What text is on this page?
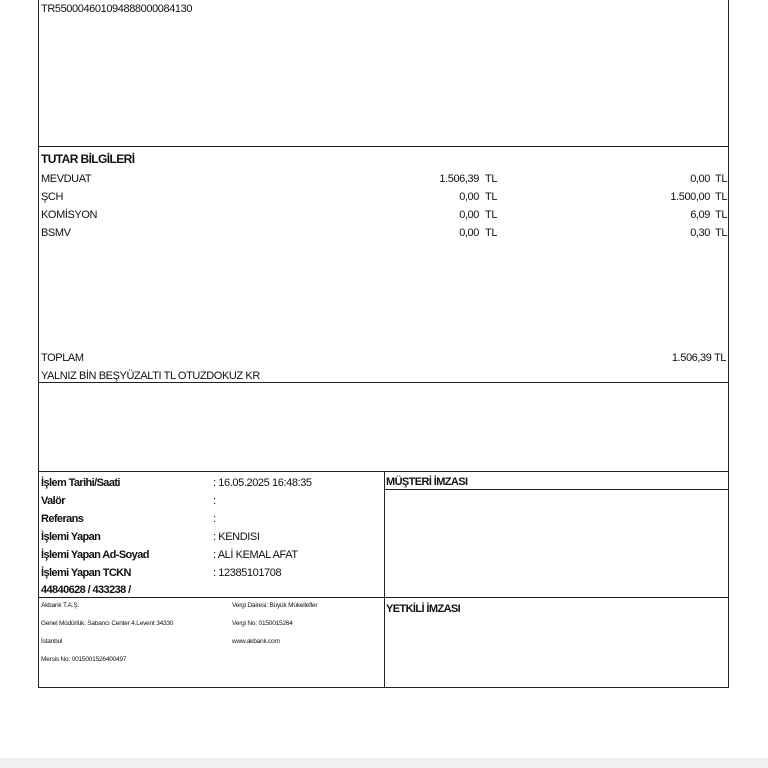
TR550004601094888000084130
TUTAR BİLGİLERİ
MEVDUAT	1.506,39 TL	0,00 TL
ŞCH	0,00 TL	1.500,00 TL
KOMİSYON	0,00 TL	6,09 TL
BSMV	0,00 TL	0,30 TL
TOPLAM	1.506,39 TL
YALNIZ BİN BEŞYÜZALTI TL OTUZDOKUZ KR
İşlem Tarihi/Saati	: 16.05.2025 16:48:35
Valör	:
Referans	:
İşlemi Yapan	: KENDISI
İşlemi Yapan Ad-Soyad	: ALİ KEMAL AFAT
İşlemi Yapan TCKN	: 12385101708
44840628 / 433238 /
MÜŞTERİ İMZASI
YETKİLİ İMZASI
Akbank T.A.Ş.
Genel Müdürlük: Sabancı Center 4.Levent 34330
İstanbul
Mersis No: 0015001526400497
Vergi Dairesi: Büyük Mükellefler
Vergi No: 0150015264
www.akbank.com
